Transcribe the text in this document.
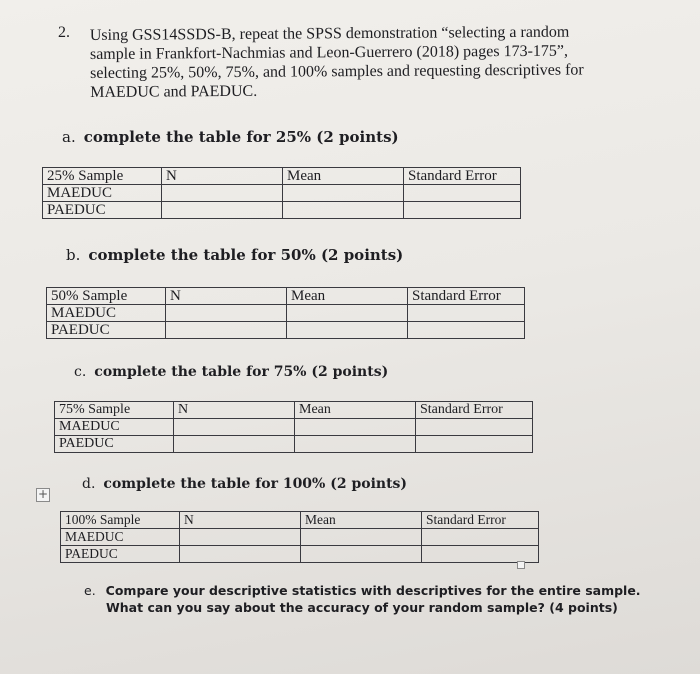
2. Using GSS14SSDS-B, repeat the SPSS demonstration “selecting a random
sample in Frankfort-Nachmias and Leon-Guerrero (2018) pages 173-175”,
selecting 25%, 50%, 75%, and 100% samples and requesting descriptives for
MAEDUC and PAEDUC.
a. complete the table for 25% (2 points)
25% Sample	N	Mean	Standard Error
MAEDUC			
PAEDUC			
b. complete the table for 50% (2 points)
50% Sample	N	Mean	Standard Error
MAEDUC			
PAEDUC			
c. complete the table for 75% (2 points)
75% Sample	N	Mean	Standard Error
MAEDUC			
PAEDUC			
d. complete the table for 100% (2 points)
+
100% Sample	N	Mean	Standard Error
MAEDUC			
PAEDUC			
e. Compare your descriptive statistics with descriptives for the entire sample.
What can you say about the accuracy of your random sample? (4 points)
